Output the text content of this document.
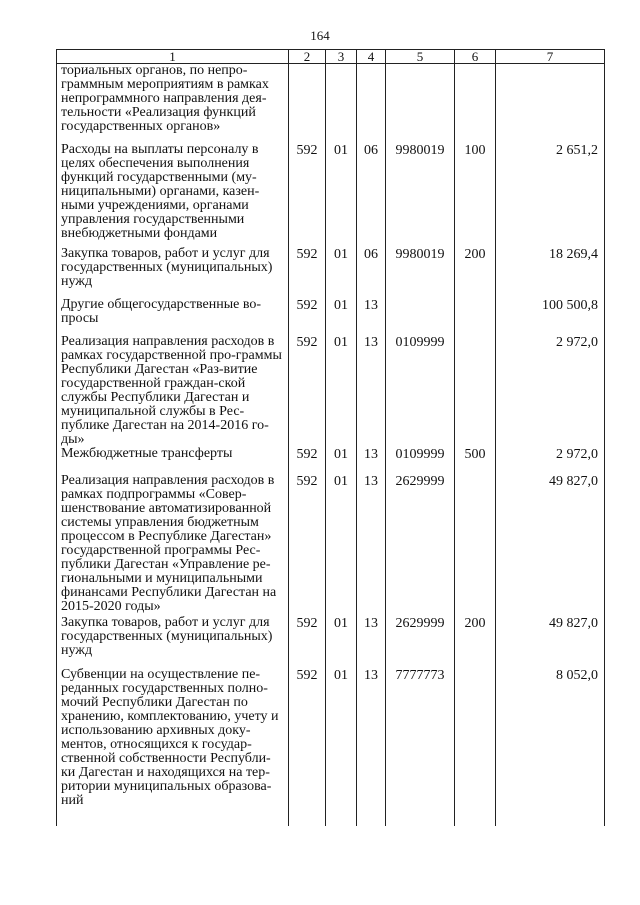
164
1	2	3	4	5	6	7
ториальных органов, по непро-граммным мероприятиям в рамках непрограммного направления дея-тельности «Реализация функций государственных органов»						
Расходы на выплаты персоналу в целях обеспечения выполнения функций государственными (му-ниципальными) органами, казен-ными учреждениями, органами управления государственными внебюджетными фондами	592	01	06	9980019	100	2 651,2
Закупка товаров, работ и услуг для государственных (муниципальных) нужд	592	01	06	9980019	200	18 269,4
Другие общегосударственные во-просы	592	01	13			100 500,8
Реализация направления расходов в рамках государственной про-граммы Республики Дагестан «Раз-витие государственной граждан-ской службы Республики Дагестан и муниципальной службы в Рес-публике Дагестан на 2014-2016 го-ды»	592	01	13	0109999		2 972,0
Межбюджетные трансферты	592	01	13	0109999	500	2 972,0
Реализация направления расходов в рамках подпрограммы «Совер-шенствование автоматизированной системы управления бюджетным процессом в Республике Дагестан» государственной программы Рес-публики Дагестан «Управление ре-гиональными и муниципальными финансами Республики Дагестан на 2015-2020 годы»	592	01	13	2629999		49 827,0
Закупка товаров, работ и услуг для государственных (муниципальных) нужд	592	01	13	2629999	200	49 827,0
Субвенции на осуществление пе-реданных государственных полно-мочий Республики Дагестан по хранению, комплектованию, учету и использованию архивных доку-ментов, относящихся к государ-ственной собственности Республи-ки Дагестан и находящихся на тер-ритории муниципальных образова-ний	592	01	13	7777773		8 052,0
